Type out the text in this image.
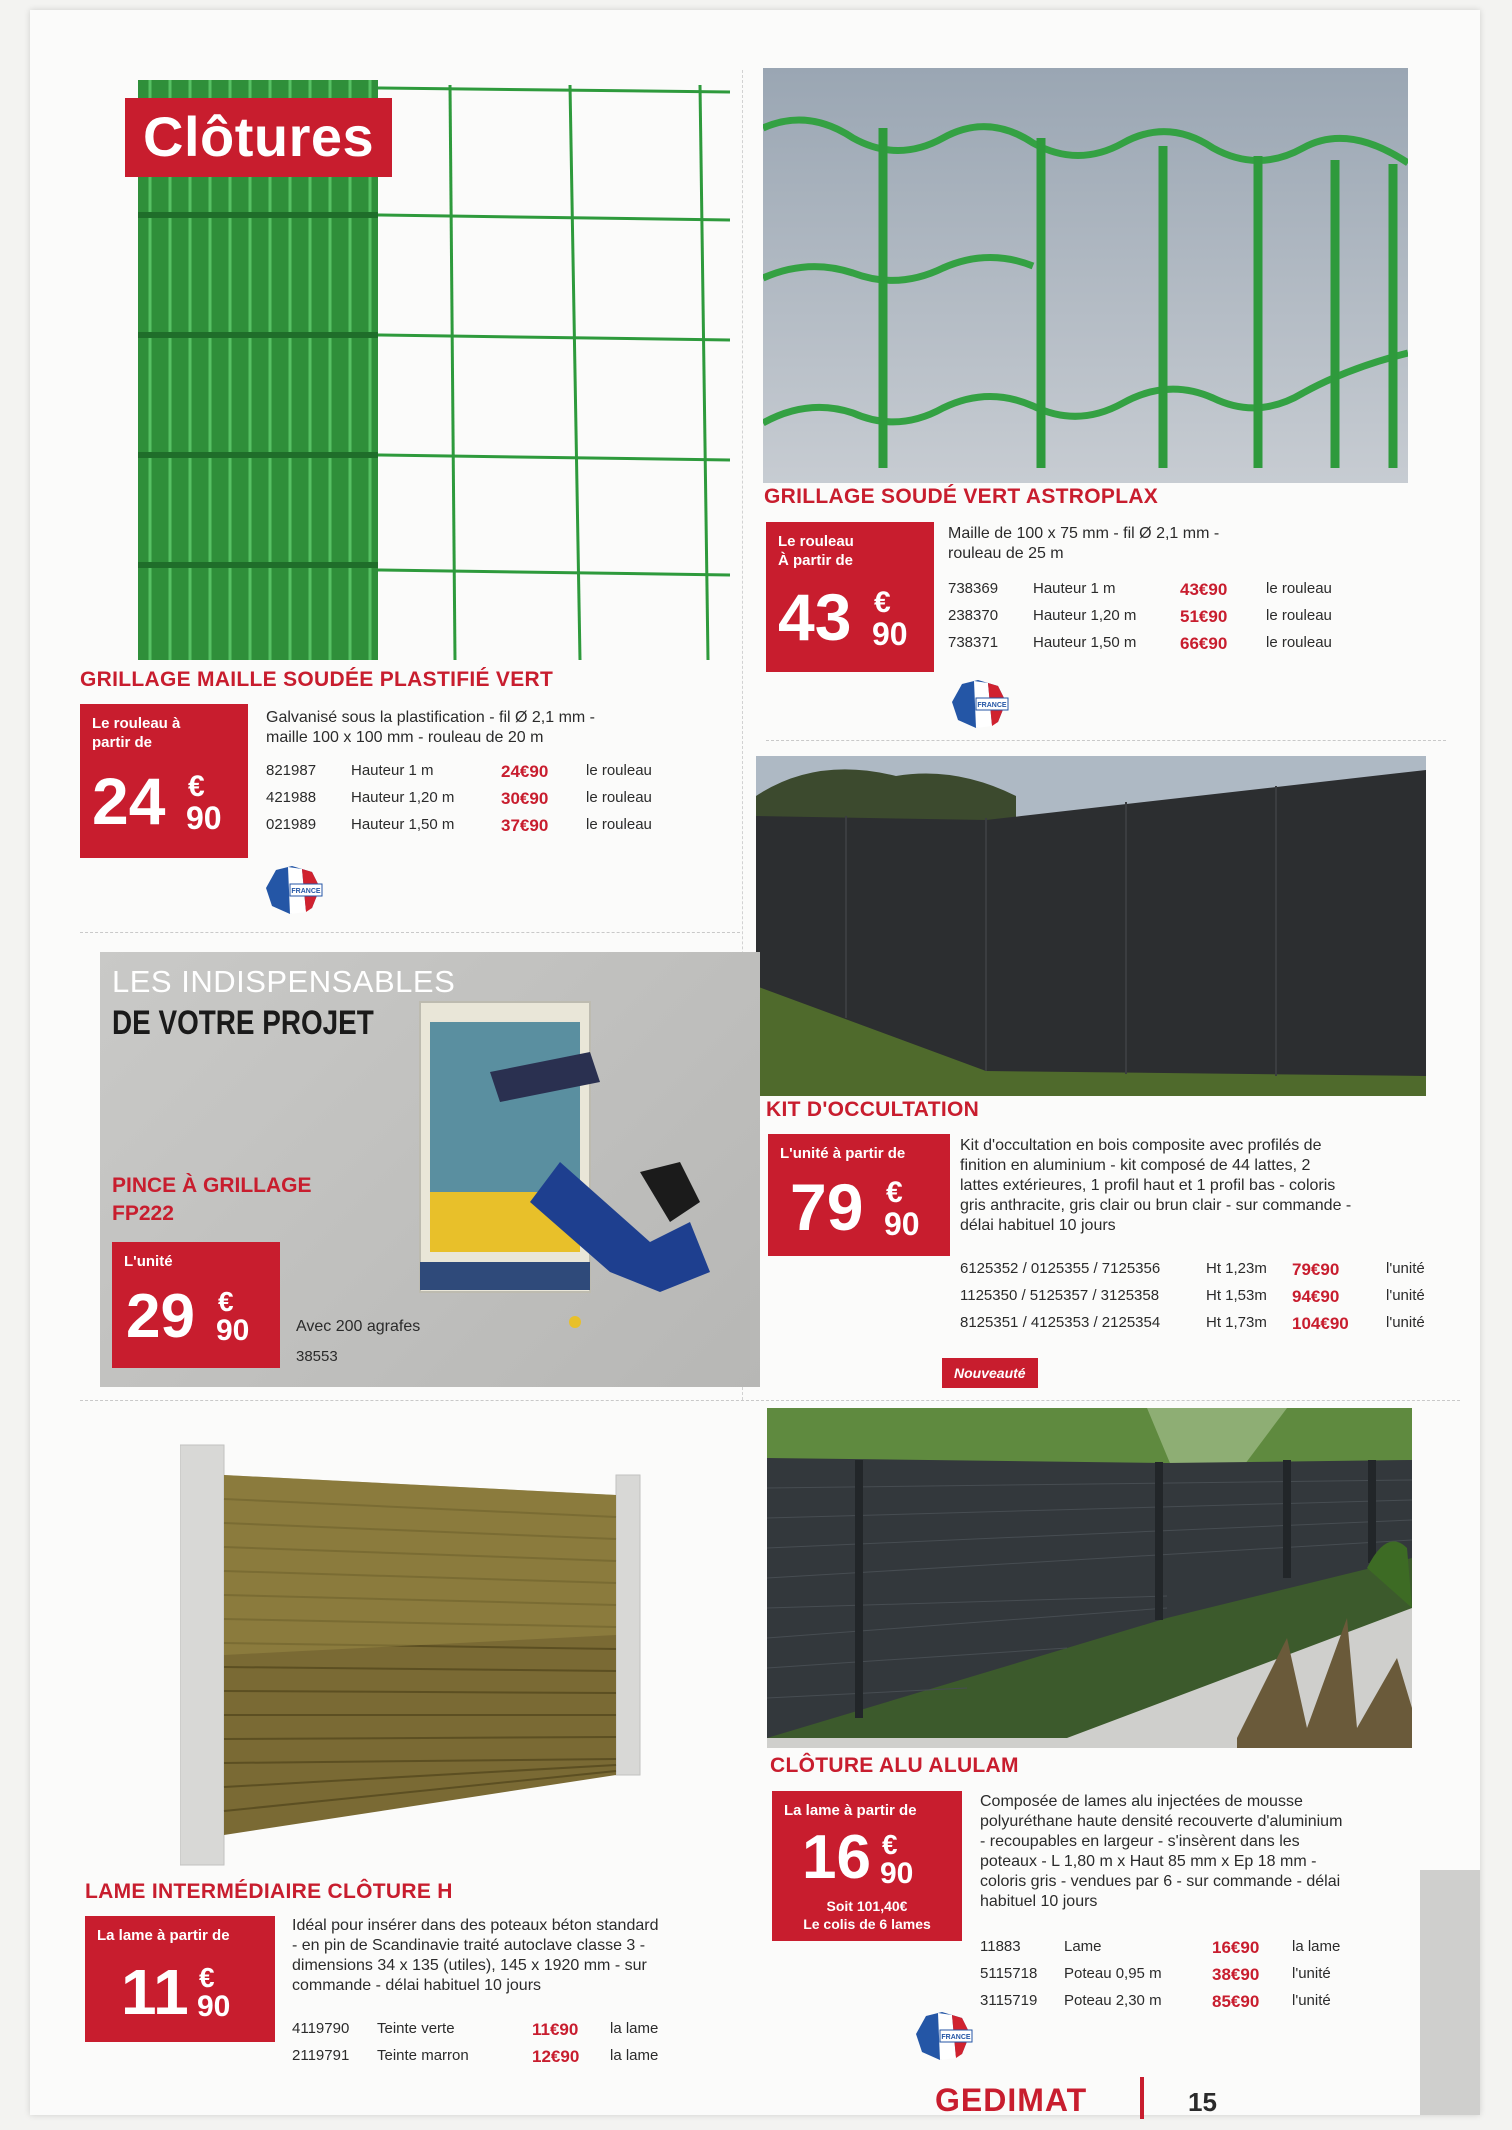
Clôtures
GRILLAGE MAILLE SOUDÉE PLASTIFIÉ VERT
Le rouleau à
partir de
24 €
90
Galvanisé sous la plastification - fil Ø 2,1 mm -
maille 100 x 100 mm - rouleau de 20 m
821987 Hauteur 1 m	24€90	le rouleau
421988 Hauteur 1,20 m	30€90	le rouleau
021989 Hauteur 1,50 m	37€90	le rouleau
FRANCE
GRILLAGE SOUDÉ VERT ASTROPLAX
Le rouleau
À partir de
43 €
90
Maille de 100 x 75 mm - fil Ø 2,1 mm -
rouleau de 25 m
738369 Hauteur 1 m	43€90	le rouleau
238370 Hauteur 1,20 m	51€90	le rouleau
738371 Hauteur 1,50 m	66€90	le rouleau
FRANCE
KIT D'OCCULTATION
L'unité à partir de
79 €
90
Kit d'occultation en bois composite avec profilés de
finition en aluminium - kit composé de 44 lattes, 2
lattes extérieures, 1 profil haut et 1 profil bas - coloris
gris anthracite, gris clair ou brun clair - sur commande -
délai habituel 10 jours
6125352 / 0125355 / 7125356	Ht 1,23m 79€90	l'unité
1125350 / 5125357 / 3125358	Ht 1,53m 94€90	l'unité
8125351 / 4125353 / 2125354	Ht 1,73m 104€90 l'unité
Nouveauté
LES INDISPENSABLES
DE VOTRE PROJET
PINCE À GRILLAGE
FP222
L'unité
29 €
90	Avec 200 agrafes
38553
LAME INTERMÉDIAIRE CLÔTURE H
La lame à partir de
11 €
90
Idéal pour insérer dans des poteaux béton standard
- en pin de Scandinavie traité autoclave classe 3 -
dimensions 34 x 135 (utiles), 145 x 1920 mm - sur
commande - délai habituel 10 jours
4119790 Teinte verte	11€90 la lame
2119791 Teinte marron	12€90 la lame
CLÔTURE ALU ALULAM
La lame à partir de
16 €
90
Soit 101,40€
Le colis de 6 lames
Composée de lames alu injectées de mousse
polyuréthane haute densité recouverte d'aluminium
- recoupables en largeur - s'insèrent dans les
poteaux - L 1,80 m x Haut 85 mm x Ep 18 mm -
coloris gris - vendues par 6 - sur commande - délai
habituel 10 jours
11883	Lame	16€90 la lame
5115718 Poteau 0,95 m	38€90 l'unité
3115719 Poteau 2,30 m	85€90 l'unité
FRANCE
GEDIMAT	15
